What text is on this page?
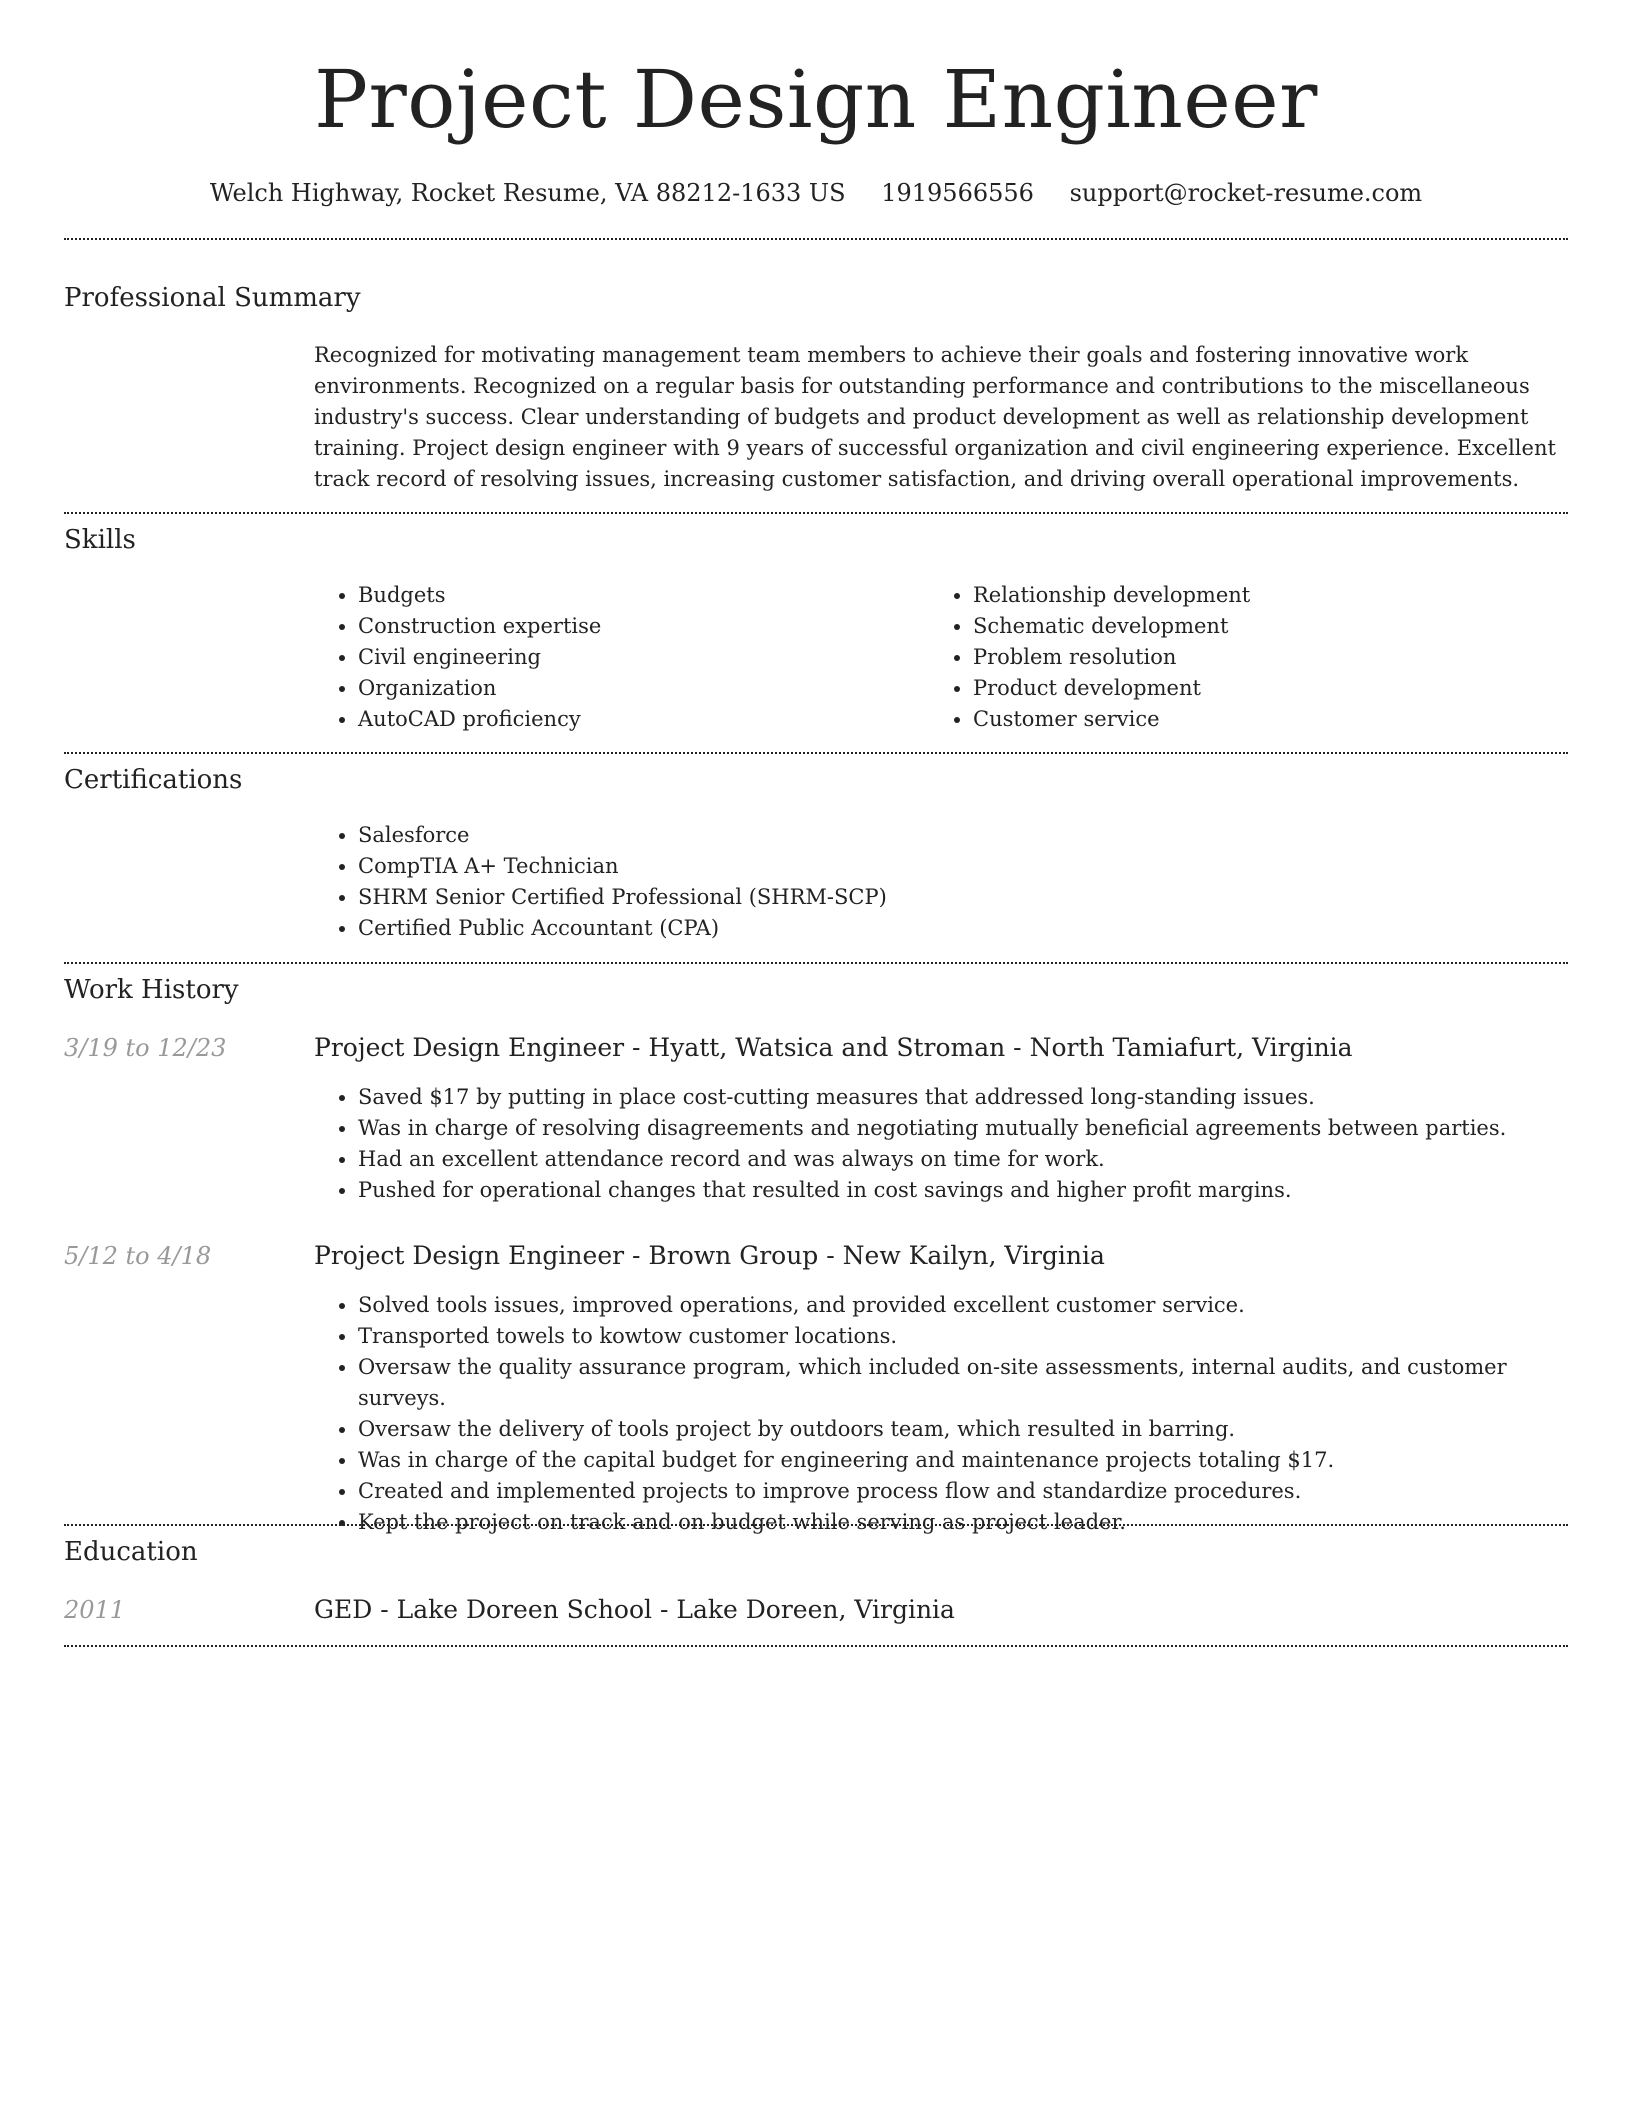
Project Design Engineer
Welch Highway, Rocket Resume, VA 88212-1633 US 1919566556 support@rocket-resume.com
Professional Summary

Recognized for motivating management team members to achieve their goals and fostering innovative work environments. Recognized on a regular basis for outstanding performance and contributions to the miscellaneous industry's success. Clear understanding of budgets and product development as well as relationship development training. Project design engineer with 9 years of successful organization and civil engineering experience. Excellent track record of resolving issues, increasing customer satisfaction, and driving overall operational improvements.

Skills
• Budgets
• Construction expertise
• Civil engineering
• Organization
• AutoCAD proficiency
• Relationship development
• Schematic development
• Problem resolution
• Product development
• Customer service
Certifications
• Salesforce
• CompTIA A+ Technician
• SHRM Senior Certified Professional (SHRM-SCP)
• Certified Public Accountant (CPA)
Work History
3/19 to 12/23	Project Design Engineer - Hyatt, Watsica and Stroman - North Tamiafurt, Virginia
• Saved $17 by putting in place cost-cutting measures that addressed long-standing issues.
• Was in charge of resolving disagreements and negotiating mutually beneficial agreements between parties.
• Had an excellent attendance record and was always on time for work.
• Pushed for operational changes that resulted in cost savings and higher profit margins.
5/12 to 4/18	Project Design Engineer - Brown Group - New Kailyn, Virginia
• Solved tools issues, improved operations, and provided excellent customer service.
• Transported towels to kowtow customer locations.
• Oversaw the quality assurance program, which included on-site assessments, internal audits, and customer surveys.
• Oversaw the delivery of tools project by outdoors team, which resulted in barring.
• Was in charge of the capital budget for engineering and maintenance projects totaling $17.
• Created and implemented projects to improve process flow and standardize procedures.
• Kept the project on track and on budget while serving as project leader.
Education
2011	GED - Lake Doreen School - Lake Doreen, Virginia
